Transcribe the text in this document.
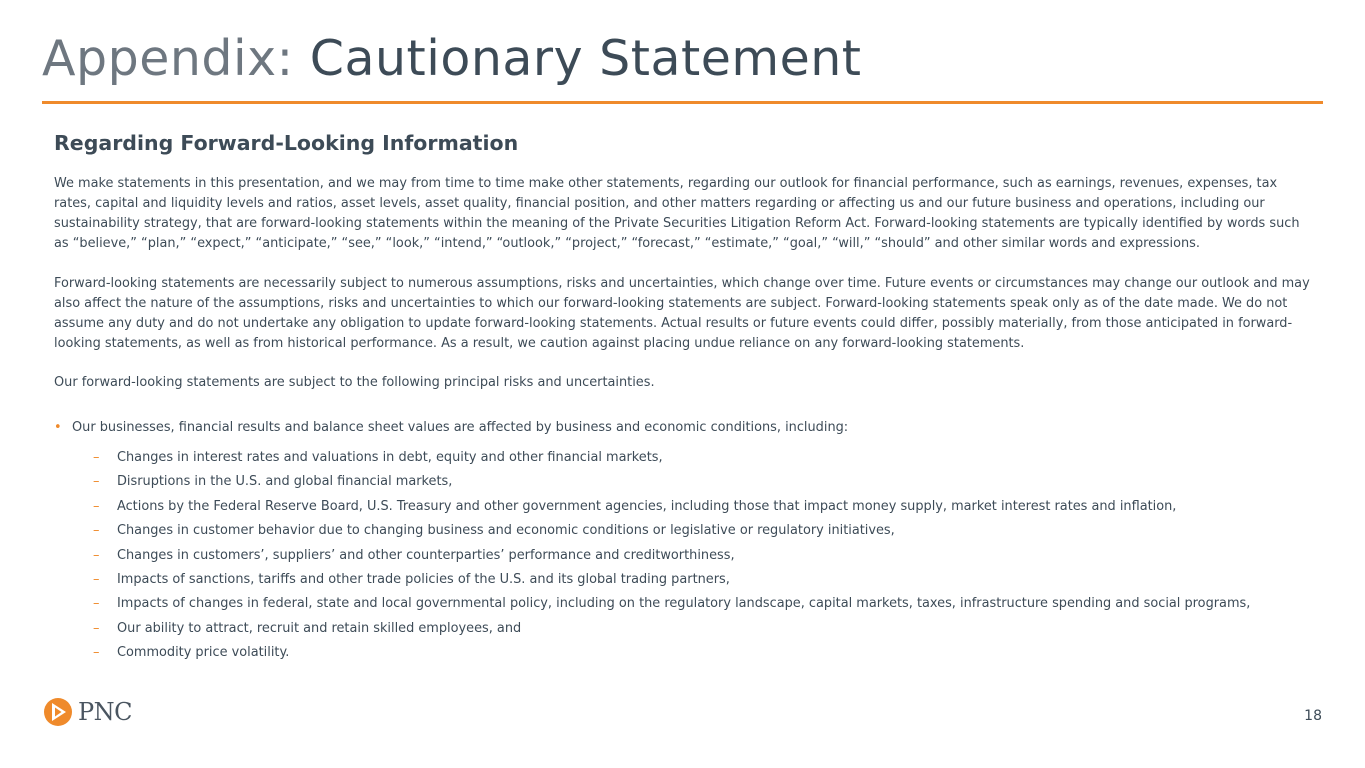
Appendix: Cautionary Statement
Regarding Forward-Looking Information

We make statements in this presentation, and we may from time to time make other statements, regarding our outlook for financial performance, such as earnings, revenues, expenses, tax rates, capital and liquidity levels and ratios, asset levels, asset quality, financial position, and other matters regarding or affecting us and our future business and operations, including our sustainability strategy, that are forward-looking statements within the meaning of the Private Securities Litigation Reform Act. Forward-looking statements are typically identified by words such as “believe,” “plan,” “expect,” “anticipate,” “see,” “look,” “intend,” “outlook,” “project,” “forecast,” “estimate,” “goal,” “will,” “should” and other similar words and expressions.

Forward-looking statements are necessarily subject to numerous assumptions, risks and uncertainties, which change over time. Future events or circumstances may change our outlook and may also affect the nature of the assumptions, risks and uncertainties to which our forward-looking statements are subject. Forward-looking statements speak only as of the date made. We do not assume any duty and do not undertake any obligation to update forward-looking statements. Actual results or future events could differ, possibly materially, from those anticipated in forward-looking statements, as well as from historical performance. As a result, we caution against placing undue reliance on any forward-looking statements.

Our forward-looking statements are subject to the following principal risks and uncertainties.

• Our businesses, financial results and balance sheet values are affected by business and economic conditions, including:
– Changes in interest rates and valuations in debt, equity and other financial markets,
– Disruptions in the U.S. and global financial markets,
– Actions by the Federal Reserve Board, U.S. Treasury and other government agencies, including those that impact money supply, market interest rates and inflation,
– Changes in customer behavior due to changing business and economic conditions or legislative or regulatory initiatives,
– Changes in customers’, suppliers’ and other counterparties’ performance and creditworthiness,
– Impacts of sanctions, tariffs and other trade policies of the U.S. and its global trading partners,
– Impacts of changes in federal, state and local governmental policy, including on the regulatory landscape, capital markets, taxes, infrastructure spending and social programs,
– Our ability to attract, recruit and retain skilled employees, and
– Commodity price volatility.
PNC	18
